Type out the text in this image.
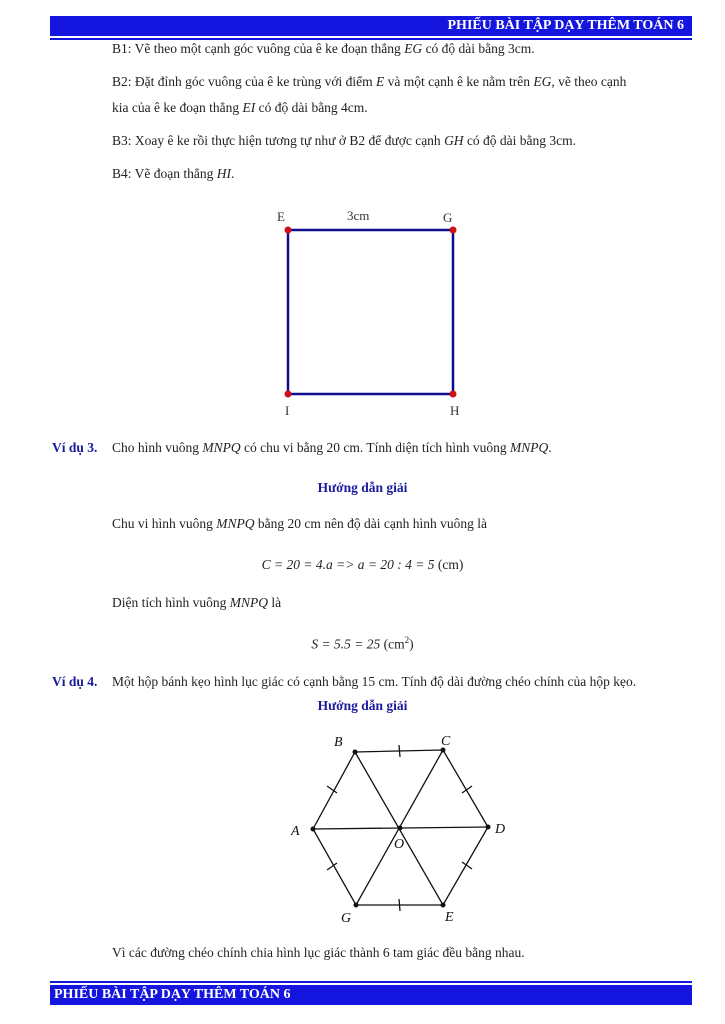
PHIẾU BÀI TẬP DẠY THÊM TOÁN 6
B1: Vẽ theo một cạnh góc vuông của ê ke đoạn thẳng EG có độ dài bằng 3cm.
B2: Đặt đỉnh góc vuông của ê ke trùng với điểm E và một cạnh ê ke nằm trên EG, vẽ theo cạnh
kia của ê ke đoạn thẳng EI có độ dài bằng 4cm.
B3: Xoay ê ke rồi thực hiện tương tự như ở B2 để được cạnh GH có độ dài bằng 3cm.
B4: Vẽ đoạn thẳng HI.
E	G
3cm
I	H
Ví dụ 3. Cho hình vuông MNPQ có chu vi bằng 20 cm. Tính diện tích hình vuông MNPQ.
Hướng dẫn giải
Chu vi hình vuông MNPQ bằng 20 cm nên độ dài cạnh hình vuông là
C = 20 = 4.a => a = 20 : 4 = 5 (cm)
Diện tích hình vuông MNPQ là
S = 5.5 = 25 $(cm^2)$
Ví dụ 4. Một hộp bánh kẹo hình lục giác có cạnh bằng 15 cm. Tính độ dài đường chéo chính của hộp kẹo.
Hướng dẫn giải
A
B	C
D
E
G
O
Vì các đường chéo chính chia hình lục giác thành 6 tam giác đều bằng nhau.
PHIẾU BÀI TẬP DẠY THÊM TOÁN 6
